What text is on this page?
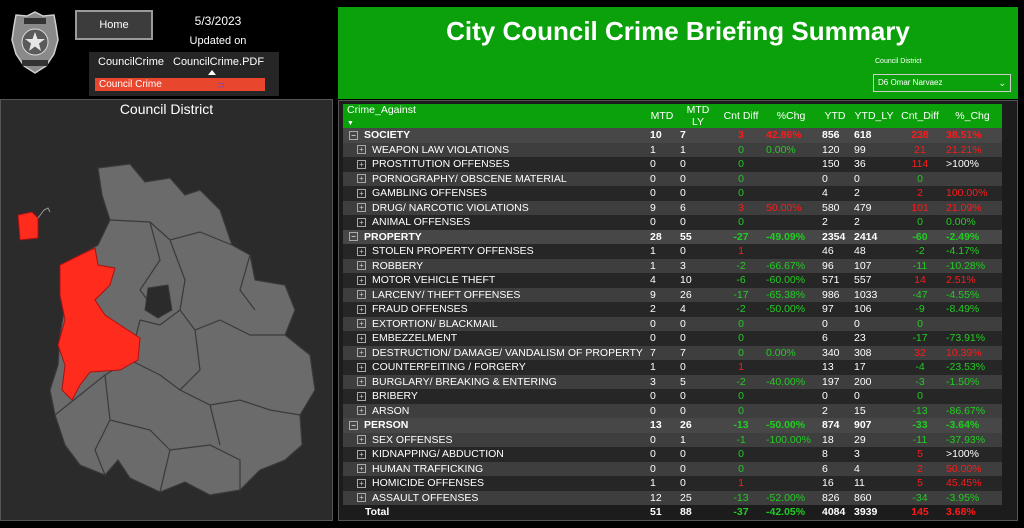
Home	5/3/2023
Updated on
CouncilCrime CouncilCrime.PDF
Council Crime	⊃
Council District
City Council Crime Briefing Summary
Council District
D6 Omar Narvaez	⌄
Crime_Against
▼	MTD	MTD LY	Cnt Diff	%Chg	YTD	YTD_LY	Cnt_Diff	%_Chg
− SOCIETY	10	7	3	42.86%	856	618	238	38.51%
+ WEAPON LAW VIOLATIONS	1	1	0	0.00%	120	99	21	21.21%
+ PROSTITUTION OFFENSES	0	0	0		150	36	114	>100%
+ PORNOGRAPHY/ OBSCENE MATERIAL	0	0	0		0	0	0	
+ GAMBLING OFFENSES	0	0	0		4	2	2	100.00%
+ DRUG/ NARCOTIC VIOLATIONS	9	6	3	50.00%	580	479	101	21.09%
+ ANIMAL OFFENSES	0	0	0		2	2	0	0.00%
− PROPERTY	28	55	-27	-49.09%	2354	2414	-60	-2.49%
+ STOLEN PROPERTY OFFENSES	1	0	1		46	48	-2	-4.17%
+ ROBBERY	1	3	-2	-66.67%	96	107	-11	-10.28%
+ MOTOR VEHICLE THEFT	4	10	-6	-60.00%	571	557	14	2.51%
+ LARCENY/ THEFT OFFENSES	9	26	-17	-65.38%	986	1033	-47	-4.55%
+ FRAUD OFFENSES	2	4	-2	-50.00%	97	106	-9	-8.49%
+ EXTORTION/ BLACKMAIL	0	0	0		0	0	0	
+ EMBEZZELMENT	0	0	0		6	23	-17	-73.91%
+ DESTRUCTION/ DAMAGE/ VANDALISM OF PROPERTY	7	7	0	0.00%	340	308	32	10.39%
+ COUNTERFEITING / FORGERY	1	0	1		13	17	-4	-23.53%
+ BURGLARY/ BREAKING & ENTERING	3	5	-2	-40.00%	197	200	-3	-1.50%
+ BRIBERY	0	0	0		0	0	0	
+ ARSON	0	0	0		2	15	-13	-86.67%
− PERSON	13	26	-13	-50.00%	874	907	-33	-3.64%
+ SEX OFFENSES	0	1	-1	-100.00%	18	29	-11	-37.93%
+ KIDNAPPING/ ABDUCTION	0	0	0		8	3	5	>100%
+ HUMAN TRAFFICKING	0	0	0		6	4	2	50.00%
+ HOMICIDE OFFENSES	1	0	1		16	11	5	45.45%
+ ASSAULT OFFENSES	12	25	-13	-52.00%	826	860	-34	-3.95%
Total	51	88	-37	-42.05%	4084	3939	145	3.68%
